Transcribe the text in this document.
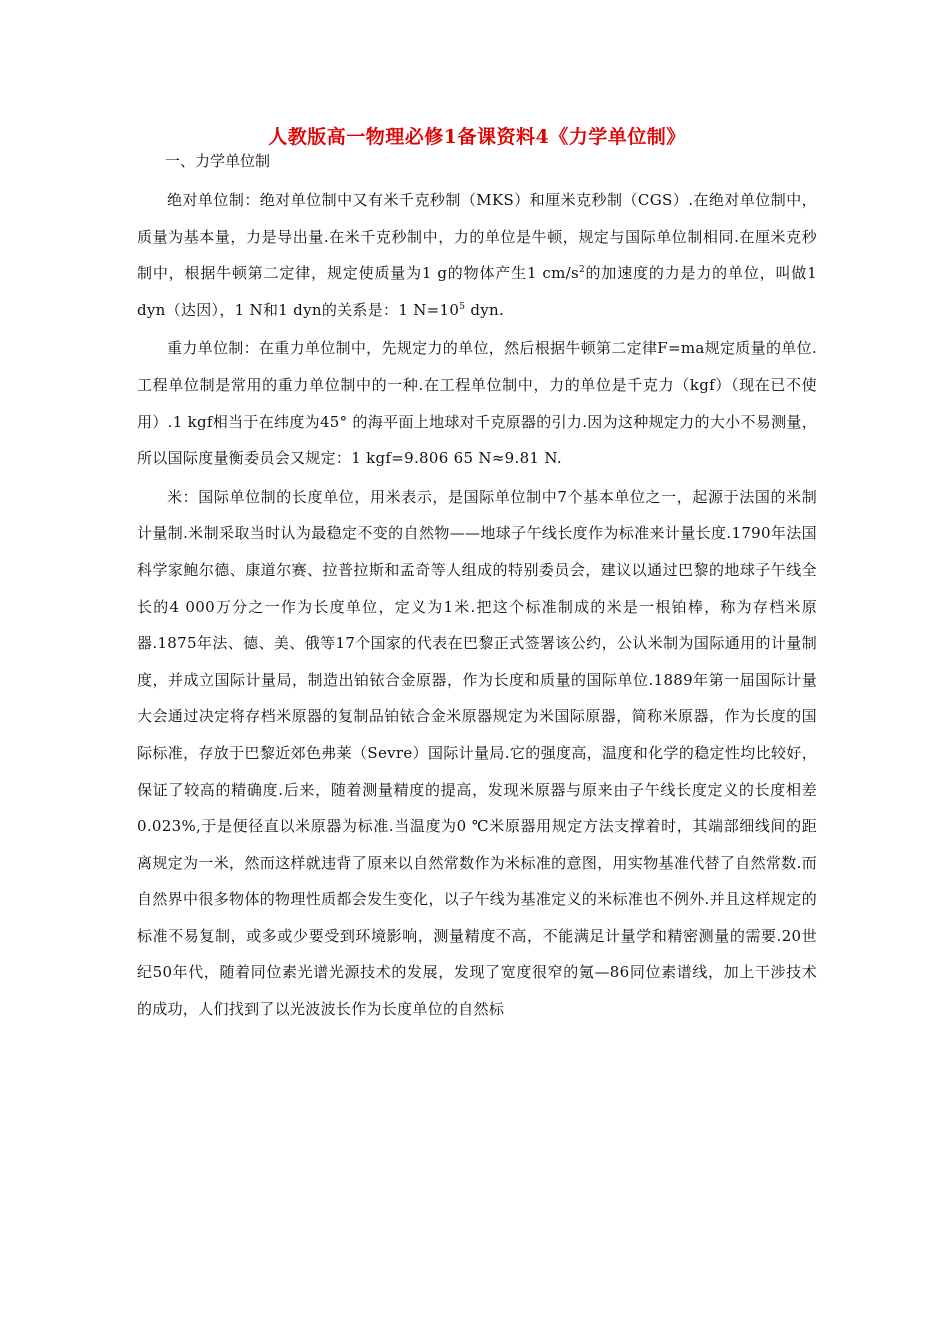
人教版高一物理必修1备课资料4《力学单位制》
一、力学单位制

绝对单位制：绝对单位制中又有米千克秒制（MKS）和厘米克秒制（CGS）.在绝对单位制中，质量为基本量，力是导出量.在米千克秒制中，力的单位是牛顿，规定与国际单位制相同.在厘米克秒制中，根据牛顿第二定律，规定使质量为1 g的物体产生1 $cm/s^2$的加速度的力是力的单位，叫做1 dyn（达因），1 N和1 dyn的关系是：1 $N=10^5$ dyn.

重力单位制：在重力单位制中，先规定力的单位，然后根据牛顿第二定律F=ma规定质量的单位.工程单位制是常用的重力单位制中的一种.在工程单位制中，力的单位是千克力（kgf）（现在已不使用）.1 kgf相当于在纬度为45° 的海平面上地球对千克原器的引力.因为这种规定力的大小不易测量，所以国际度量衡委员会又规定：1 kgf=9.806 65 N≈9.81 N.

米：国际单位制的长度单位，用米表示，是国际单位制中7个基本单位之一，起源于法国的米制计量制.米制采取当时认为最稳定不变的自然物——地球子午线长度作为标准来计量长度.1790年法国科学家鲍尔德、康道尔赛、拉普拉斯和孟奇等人组成的特别委员会，建议以通过巴黎的地球子午线全长的4 000万分之一作为长度单位，定义为1米.把这个标准制成的米是一根铂棒，称为存档米原器.1875年法、德、美、俄等17个国家的代表在巴黎正式签署该公约，公认米制为国际通用的计量制度，并成立国际计量局，制造出铂铱合金原器，作为长度和质量的国际单位.1889年第一届国际计量大会通过决定将存档米原器的复制品铂铱合金米原器规定为米国际原器，简称米原器，作为长度的国际标准，存放于巴黎近郊色弗莱（Sevre）国际计量局.它的强度高，温度和化学的稳定性均比较好，保证了较高的精确度.后来，随着测量精度的提高，发现米原器与原来由子午线长度定义的长度相差0.023%,于是便径直以米原器为标准.当温度为0 ℃米原器用规定方法支撑着时，其端部细线间的距离规定为一米，然而这样就违背了原来以自然常数作为米标准的意图，用实物基准代替了自然常数.而自然界中很多物体的物理性质都会发生变化，以子午线为基准定义的米标准也不例外.并且这样规定的标准不易复制，或多或少要受到环境影响，测量精度不高，不能满足计量学和精密测量的需要.20世纪50年代，随着同位素光谱光源技术的发展，发现了宽度很窄的氪—86同位素谱线，加上干涉技术的成功，人们找到了以光波波长作为长度单位的自然标
